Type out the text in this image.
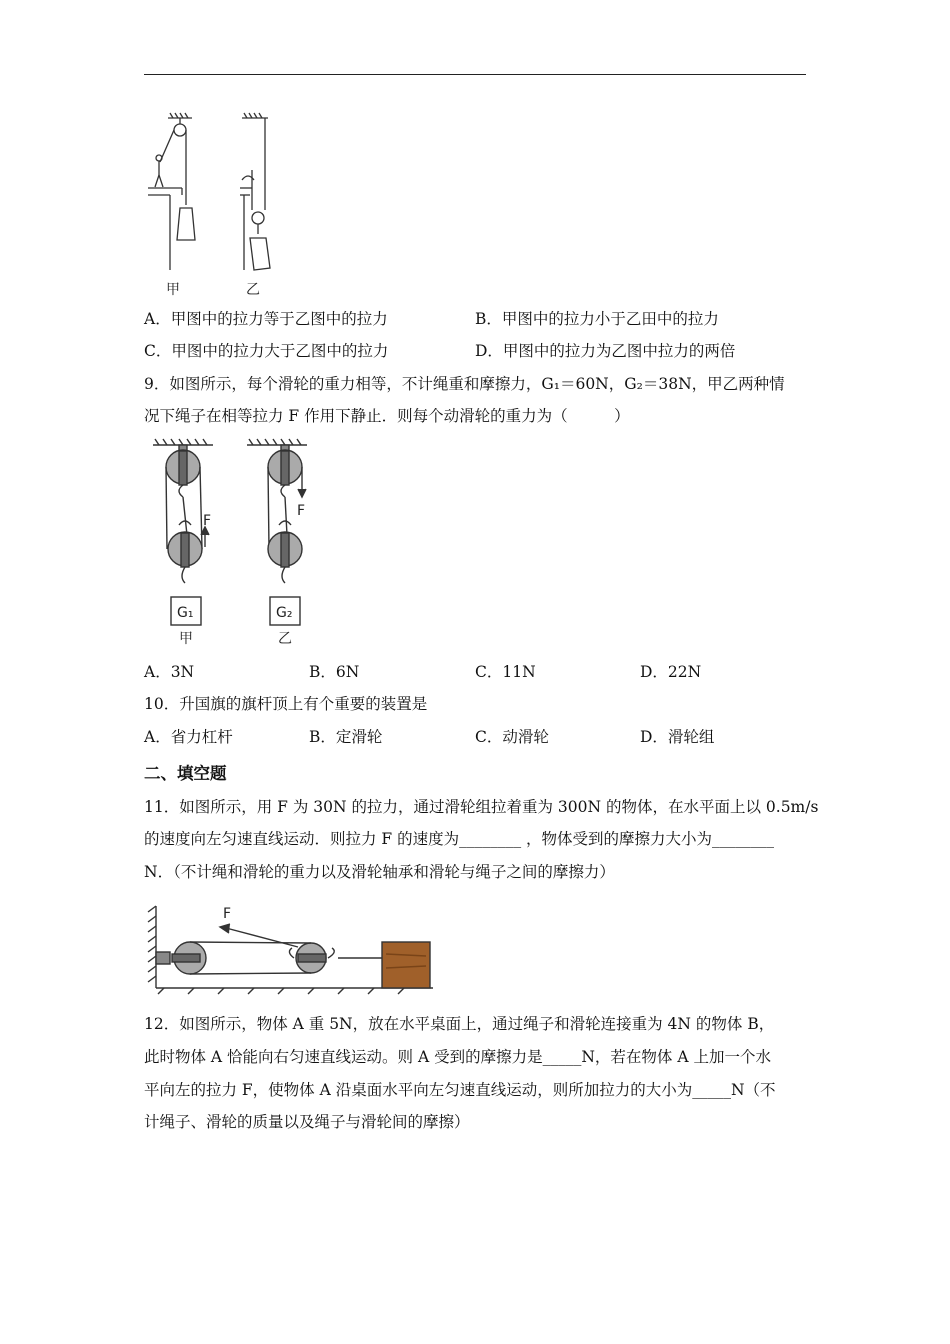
甲	乙
A．甲图中的拉力等于乙图中的拉力	B．甲图中的拉力小于乙田中的拉力
C．甲图中的拉力大于乙图中的拉力	D．甲图中的拉力为乙图中拉力的两倍
9．如图所示，每个滑轮的重力相等，不计绳重和摩擦力，G₁＝60N，G₂＝38N，甲乙两种情
况下绳子在相等拉力 F 作用下静止．则每个动滑轮的重力为（　　　）
F
F
G₁	G₂
甲	乙
A．3N	B．6N	C．11N	D．22N
10．升国旗的旗杆顶上有个重要的装置是
A．省力杠杆	B．定滑轮	C．动滑轮	D．滑轮组
二、填空题
11．如图所示，用 F 为 30N 的拉力，通过滑轮组拉着重为 300N 的物体，在水平面上以 0.5m/s
的速度向左匀速直线运动．则拉力 F 的速度为________ ，物体受到的摩擦力大小为________
N．（不计绳和滑轮的重力以及滑轮轴承和滑轮与绳子之间的摩擦力）
F
12．如图所示，物体 A 重 5N，放在水平桌面上，通过绳子和滑轮连接重为 4N 的物体 B，
此时物体 A 恰能向右匀速直线运动。则 A 受到的摩擦力是_____N，若在物体 A 上加一个水
平向左的拉力 F，使物体 A 沿桌面水平向左匀速直线运动，则所加拉力的大小为_____N（不
计绳子、滑轮的质量以及绳子与滑轮间的摩擦）
